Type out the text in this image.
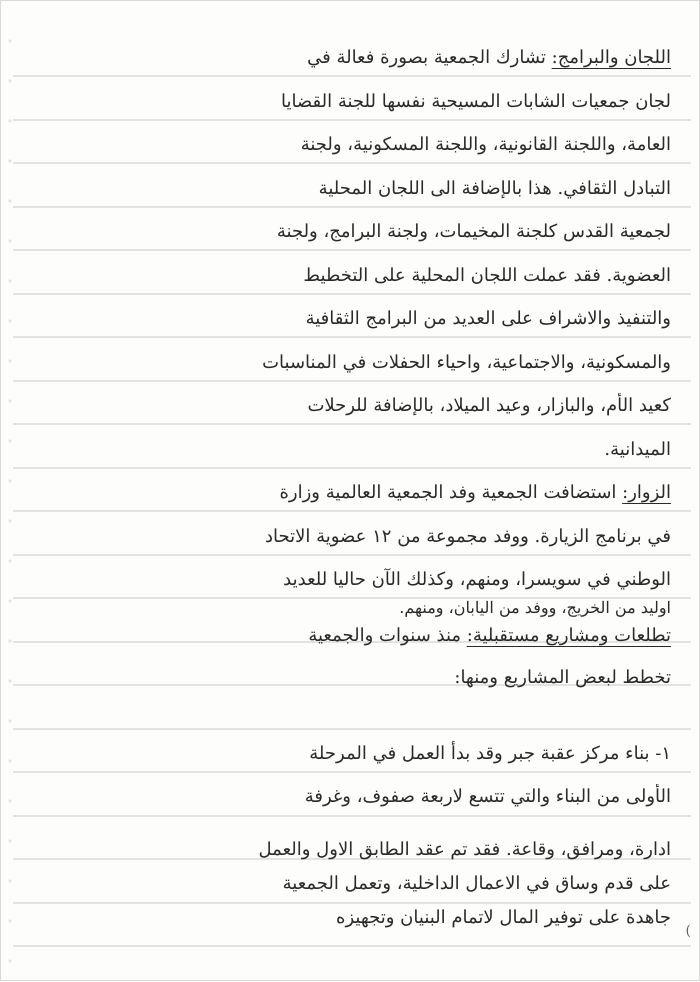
اللجان والبرامج: تشارك الجمعية بصورة فعالة في
لجان جمعيات الشابات المسيحية نفسها للجنة القضايا
العامة، واللجنة القانونية، واللجنة المسكونية، ولجنة
التبادل الثقافي. هذا بالإضافة الى اللجان المحلية
لجمعية القدس كلجنة المخيمات، ولجنة البرامج، ولجنة
العضوية. فقد عملت اللجان المحلية على التخطيط
والتنفيذ والاشراف على العديد من البرامج الثقافية
والمسكونية، والاجتماعية، واحياء الحفلات في المناسبات
كعيد الأم، والبازار، وعيد الميلاد، بالإضافة للرحلات
الميدانية.
الزوار: استضافت الجمعية وفد الجمعية العالمية وزارة
في برنامج الزيارة. ووفد مجموعة من ١٢ عضوية الاتحاد
الوطني في سويسرا، ومنهم، وكذلك الآن حاليا للعديد
اوليد من الخريج، ووفد من اليابان، ومنهم.
تطلعات ومشاريع مستقبلية: منذ سنوات والجمعية
تخطط لبعض المشاريع ومنها:
١- بناء مركز عقبة جبر وقد بدأ العمل في المرحلة
الأولى من البناء والتي تتسع لاربعة صفوف، وغرفة
ادارة، ومرافق، وقاعة. فقد تم عقد الطابق الاول والعمل
على قدم وساق في الاعمال الداخلية، وتعمل الجمعية
جاهدة على توفير المال لاتمام البنيان وتجهيزه
(
